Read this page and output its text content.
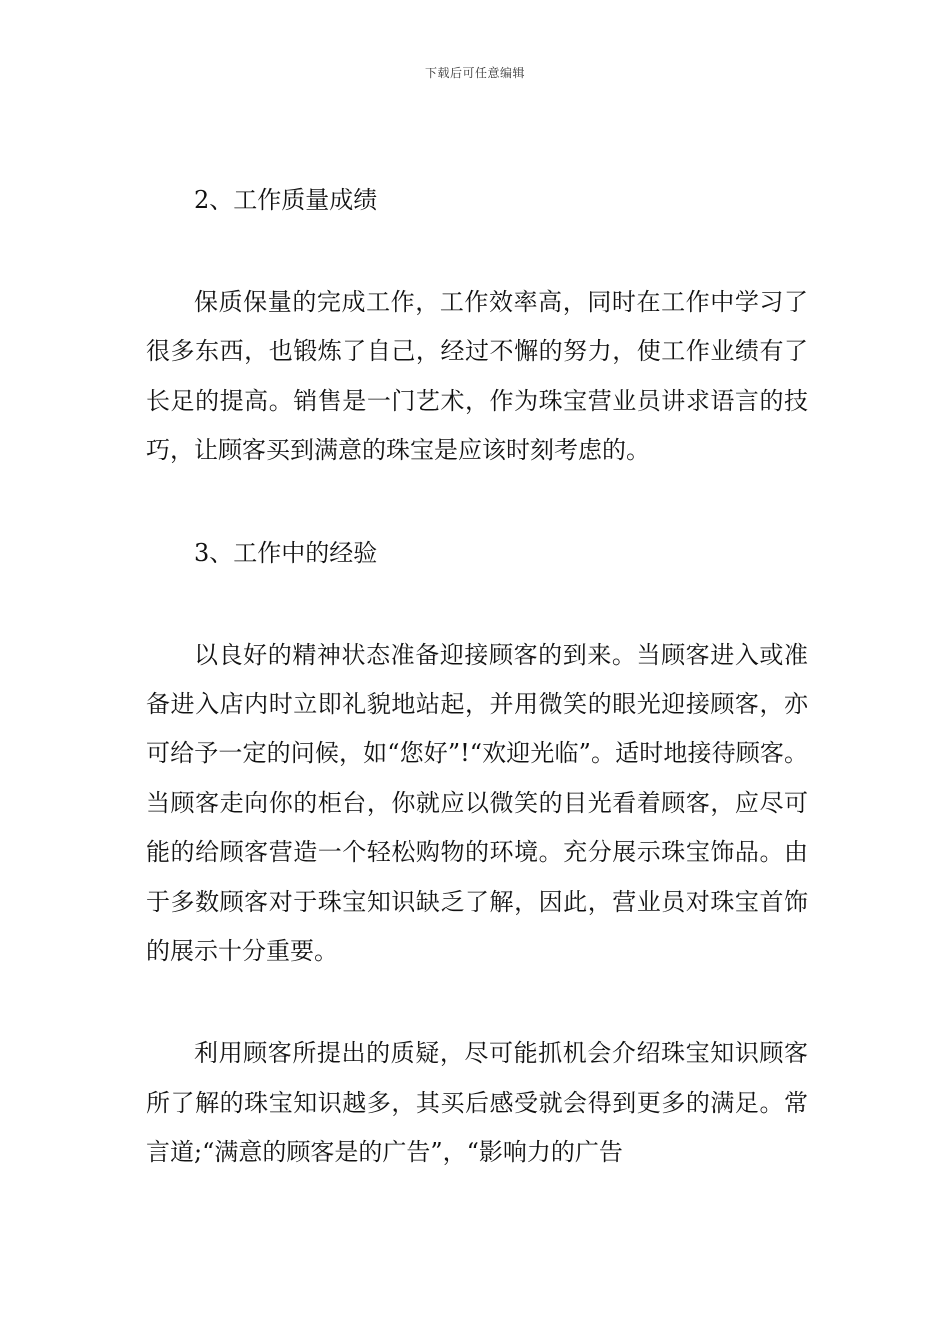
下载后可任意编辑

2、工作质量成绩

保质保量的完成工作，工作效率高，同时在工作中学习了很多东西，也锻炼了自己，经过不懈的努力，使工作业绩有了长足的提高。销售是一门艺术，作为珠宝营业员讲求语言的技巧，让顾客买到满意的珠宝是应该时刻考虑的。

3、工作中的经验

以良好的精神状态准备迎接顾客的到来。当顾客进入或准备进入店内时立即礼貌地站起，并用微笑的眼光迎接顾客，亦可给予一定的问候，如“您好”!“欢迎光临”。适时地接待顾客。当顾客走向你的柜台，你就应以微笑的目光看着顾客，应尽可能的给顾客营造一个轻松购物的环境。充分展示珠宝饰品。由于多数顾客对于珠宝知识缺乏了解，因此，营业员对珠宝首饰的展示十分重要。

利用顾客所提出的质疑，尽可能抓机会介绍珠宝知识顾客所了解的珠宝知识越多，其买后感受就会得到更多的满足。常言道;“满意的顾客是的广告”，“影响力的广告
